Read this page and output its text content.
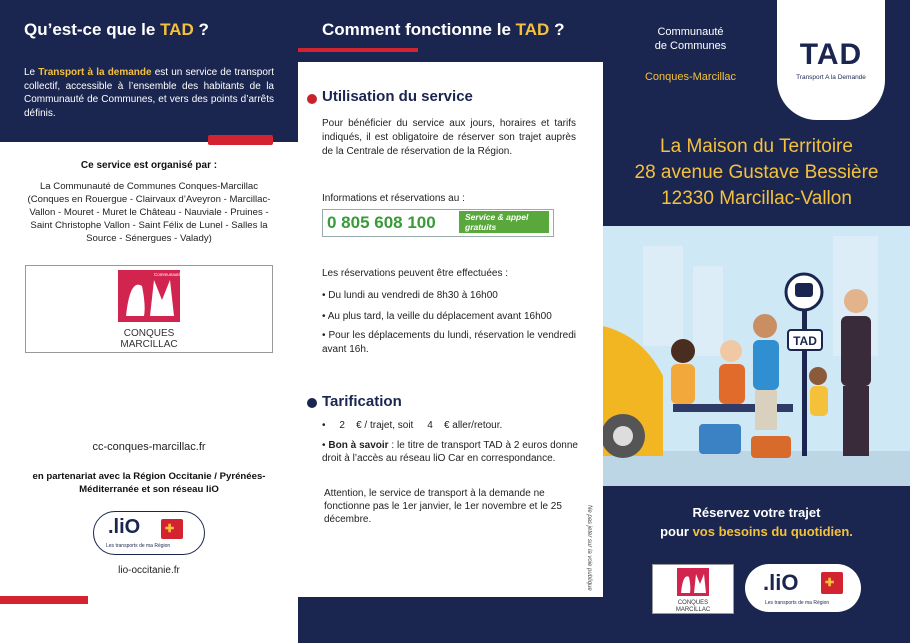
Qu’est-ce que le TAD ?
Le Transport à la demande est un service de transport collectif, accessible à l’ensemble des habitants de la Communauté de Communes, et vers des points d’arrêts définis.
Ce service est organisé par :
La Communauté de Communes Conques-Marcillac (Conques en Rouergue - Clairvaux d’Aveyron - Marcillac-Vallon - Mouret - Muret le Château - Nauviale - Pruines - Saint Christophe Vallon - Saint Félix de Lunel - Salles la Source - Sénergues - Valady)
Communauté de Communes
CONQUES
MARCILLAC
cc-conques-marcillac.fr
en partenariat avec la Région Occitanie / Pyrénées-Méditerranée et son réseau liO
.liO ✚
Les transports de ma Région
lio-occitanie.fr
Comment fonctionne le TAD ?
Utilisation du service
Pour bénéficier du service aux jours, horaires et tarifs indiqués, il est obligatoire de réserver son trajet auprès de la Centrale de réservation de la Région.
Informations et réservations au :
0 805 608 100	Service & appel gratuits
Les réservations peuvent être effectuées :
• Du lundi au vendredi de 8h30 à 16h00
• Au plus tard, la veille du déplacement avant 16h00
• Pour les déplacements du lundi, réservation le vendredi avant 16h.
Tarification
•     2 € / trajet, soit 4 € aller/retour.
• Bon à savoir : le titre de transport TAD à 2 euros donne droit à l’accès au réseau liO Car en correspondance.
Attention, le service de transport à la demande ne fonctionne pas le 1er janvier, le 1er novembre et le 25 décembre.	Ne pas jeter sur la voie publique
Communauté
de Communes
Conques-Marcillac
TAD
Transport A la Demande
La Maison du Territoire
28 avenue Gustave Bessière
12330 Marcillac-Vallon
TAD
Réservez votre trajet
pour vos besoins du quotidien.
CONQUES
MARCILLAC
.liO ✚
Les transports de ma Région
